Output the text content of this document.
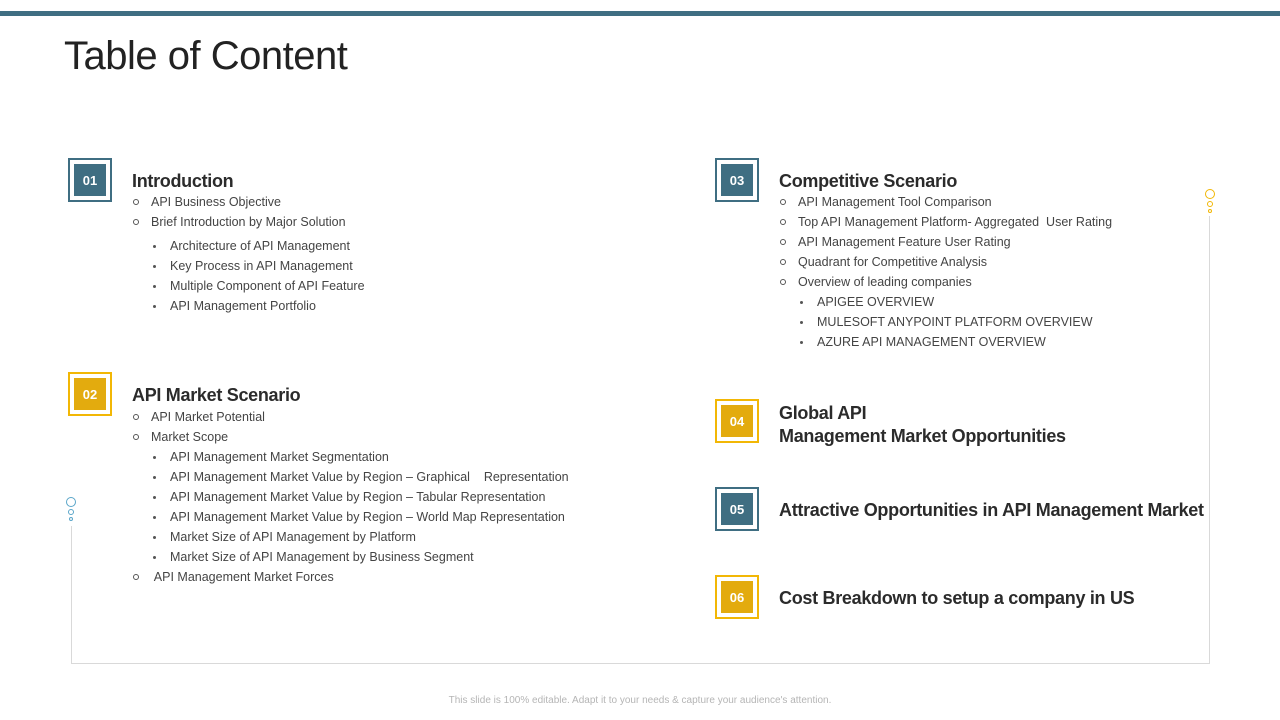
Table of Content
01	Introduction
API Business Objective
Brief Introduction by Major Solution
Architecture of API Management
Key Process in API Management
Multiple Component of API Feature
API Management Portfolio
02	API Market Scenario
API Market Potential
Market Scope
API Management Market Segmentation
API Management Market Value by Region – Graphical    Representation
API Management Market Value by Region – Tabular Representation
API Management Market Value by Region – World Map Representation
Market Size of API Management by Platform
Market Size of API Management by Business Segment
API Management Market Forces
03	Competitive Scenario
API Management Tool Comparison
Top API Management Platform- Aggregated  User Rating
API Management Feature User Rating
Quadrant for Competitive Analysis
Overview of leading companies
APIGEE OVERVIEW
MULESOFT ANYPOINT PLATFORM OVERVIEW
AZURE API MANAGEMENT OVERVIEW
04	Global API
Management Market Opportunities
05	Attractive Opportunities in API Management Market
06	Cost Breakdown to setup a company in US
This slide is 100% editable. Adapt it to your needs & capture your audience's attention.
